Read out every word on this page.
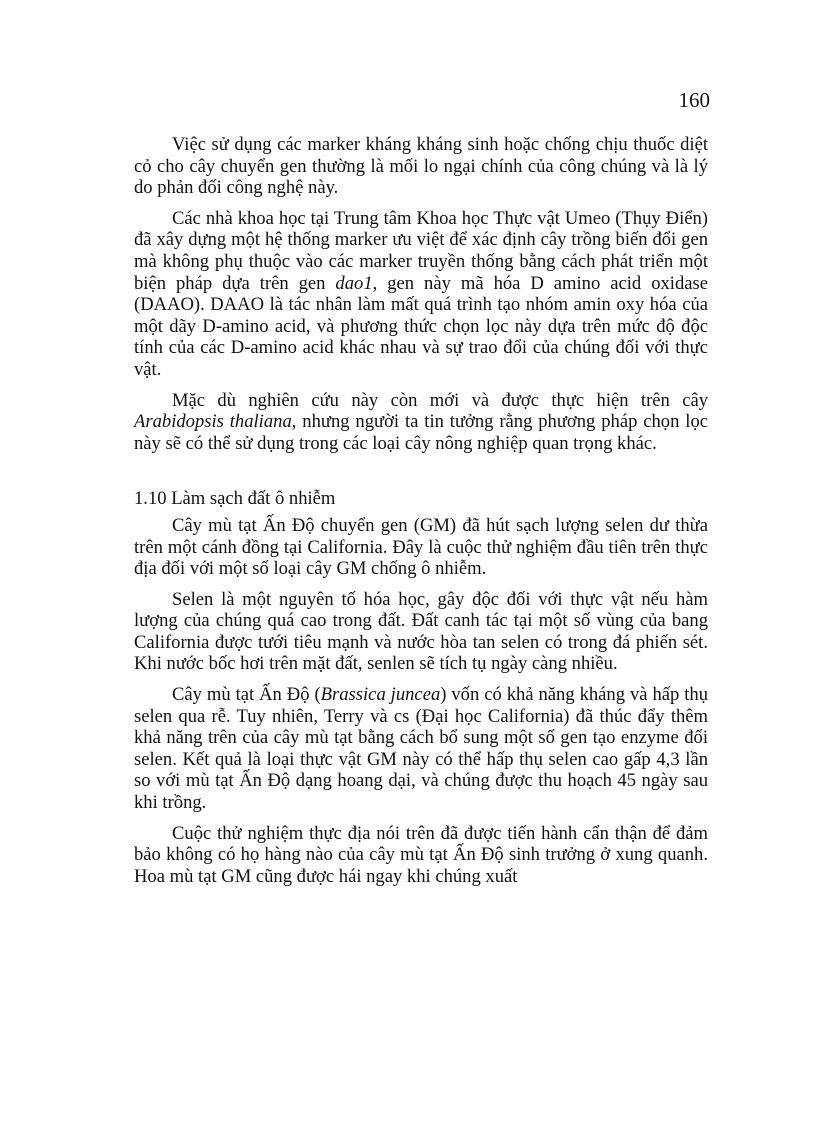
160

Việc sử dụng các marker kháng kháng sinh hoặc chống chịu thuốc diệt cỏ cho cây chuyển gen thường là mối lo ngại chính của công chúng và là lý do phản đối công nghệ này.

Các nhà khoa học tại Trung tâm Khoa học Thực vật Umeo (Thụy Điển) đã xây dựng một hệ thống marker ưu việt để xác định cây trồng biến đổi gen mà không phụ thuộc vào các marker truyền thống bằng cách phát triển một biện pháp dựa trên gen dao1, gen này mã hóa D amino acid oxidase (DAAO). DAAO là tác nhân làm mất quá trình tạo nhóm amin oxy hóa của một dãy D-amino acid, và phương thức chọn lọc này dựa trên mức độ độc tính của các D-amino acid khác nhau và sự trao đổi của chúng đối với thực vật.

Mặc dù nghiên cứu này còn mới và được thực hiện trên cây Arabidopsis thaliana, nhưng người ta tin tưởng rằng phương pháp chọn lọc này sẽ có thể sử dụng trong các loại cây nông nghiệp quan trọng khác.

1.10 Làm sạch đất ô nhiễm

Cây mù tạt Ấn Độ chuyển gen (GM) đã hút sạch lượng selen dư thừa trên một cánh đồng tại California. Đây là cuộc thử nghiệm đầu tiên trên thực địa đối với một số loại cây GM chống ô nhiễm.

Selen là một nguyên tố hóa học, gây độc đối với thực vật nếu hàm lượng của chúng quá cao trong đất. Đất canh tác tại một số vùng của bang California được tưới tiêu mạnh và nước hòa tan selen có trong đá phiến sét. Khi nước bốc hơi trên mặt đất, senlen sẽ tích tụ ngày càng nhiều.

Cây mù tạt Ấn Độ (Brassica juncea) vốn có khả năng kháng và hấp thụ selen qua rễ. Tuy nhiên, Terry và cs (Đại học California) đã thúc đẩy thêm khả năng trên của cây mù tạt bằng cách bổ sung một số gen tạo enzyme đối selen. Kết quả là loại thực vật GM này có thể hấp thụ selen cao gấp 4,3 lần so với mù tạt Ấn Độ dạng hoang dại, và chúng được thu hoạch 45 ngày sau khi trồng.

Cuộc thử nghiệm thực địa nói trên đã được tiến hành cẩn thận để đảm bảo không có họ hàng nào của cây mù tạt Ấn Độ sinh trưởng ở xung quanh. Hoa mù tạt GM cũng được hái ngay khi chúng xuất
